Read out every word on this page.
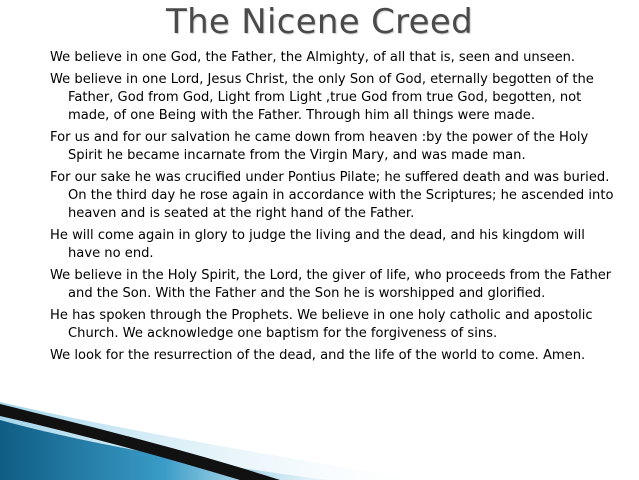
The Nicene Creed

We believe in one God, the Father, the Almighty, of all that is, seen and unseen.

We believe in one Lord, Jesus Christ, the only Son of God, eternally begotten of the Father, God from God, Light from Light ,true God from true God, begotten, not made, of one Being with the Father. Through him all things were made.

For us and for our salvation he came down from heaven :by the power of the Holy Spirit he became incarnate from the Virgin Mary, and was made man.

For our sake he was crucified under Pontius Pilate; he suffered death and was buried. On the third day he rose again in accordance with the Scriptures; he ascended into heaven and is seated at the right hand of the Father.

He will come again in glory to judge the living and the dead, and his kingdom will have no end.

We believe in the Holy Spirit, the Lord, the giver of life, who proceeds from the Father and the Son. With the Father and the Son he is worshipped and glorified.

He has spoken through the Prophets. We believe in one holy catholic and apostolic Church. We acknowledge one baptism for the forgiveness of sins.

We look for the resurrection of the dead, and the life of the world to come. Amen.
